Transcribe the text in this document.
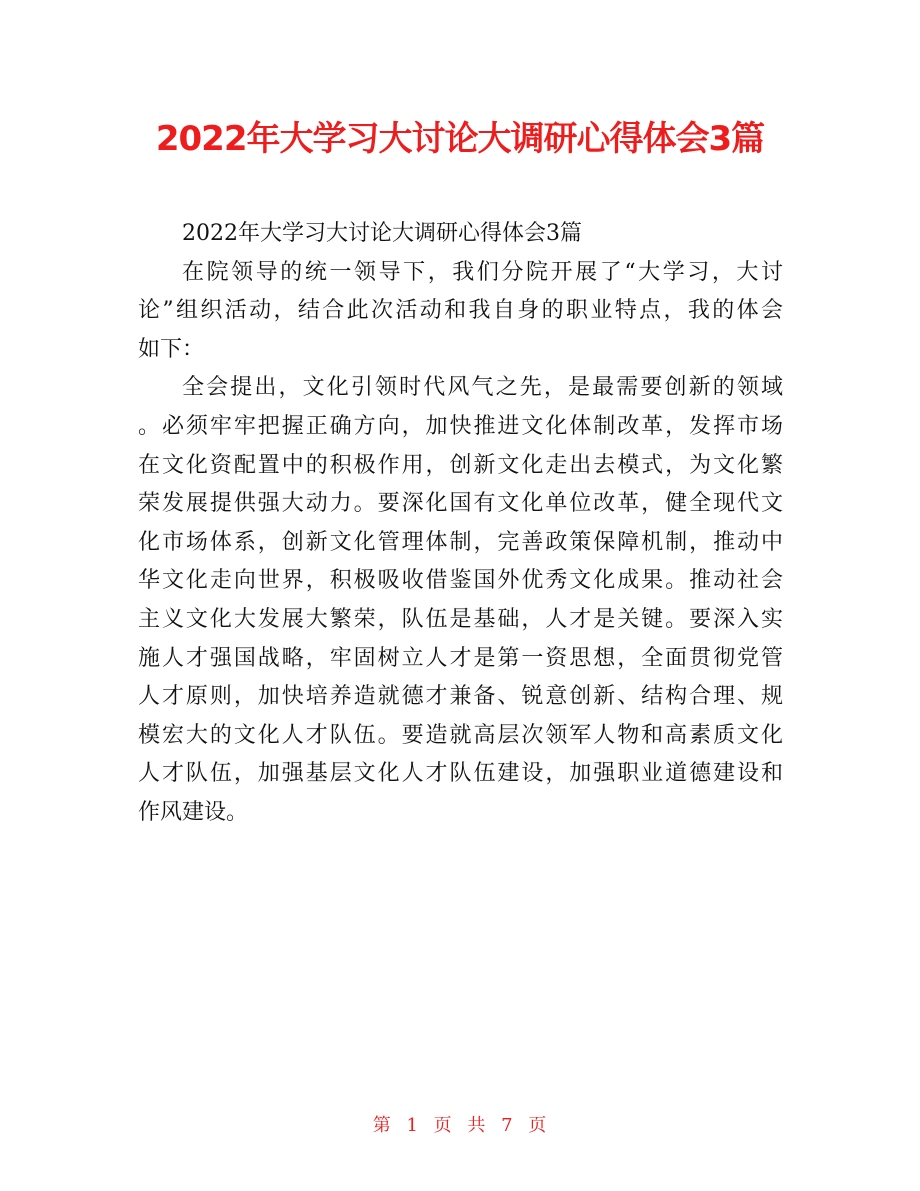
2022年大学习大讨论大调研心得体会3篇
2022年大学习大讨论大调研心得体会3篇
在院领导的统一领导下，我们分院开展了“大学习，大讨
论”组织活动，结合此次活动和我自身的职业特点，我的体会
如下：
全会提出，文化引领时代风气之先，是最需要创新的领域
。必须牢牢把握正确方向，加快推进文化体制改革，发挥市场
在文化资配置中的积极作用，创新文化走出去模式，为文化繁
荣发展提供强大动力。要深化国有文化单位改革，健全现代文
化市场体系，创新文化管理体制，完善政策保障机制，推动中
华文化走向世界，积极吸收借鉴国外优秀文化成果。推动社会
主义文化大发展大繁荣，队伍是基础，人才是关键。要深入实
施人才强国战略，牢固树立人才是第一资思想，全面贯彻党管
人才原则，加快培养造就德才兼备、锐意创新、结构合理、规
模宏大的文化人才队伍。要造就高层次领军人物和高素质文化
人才队伍，加强基层文化人才队伍建设，加强职业道德建设和
作风建设。
第 1 页 共 7 页
